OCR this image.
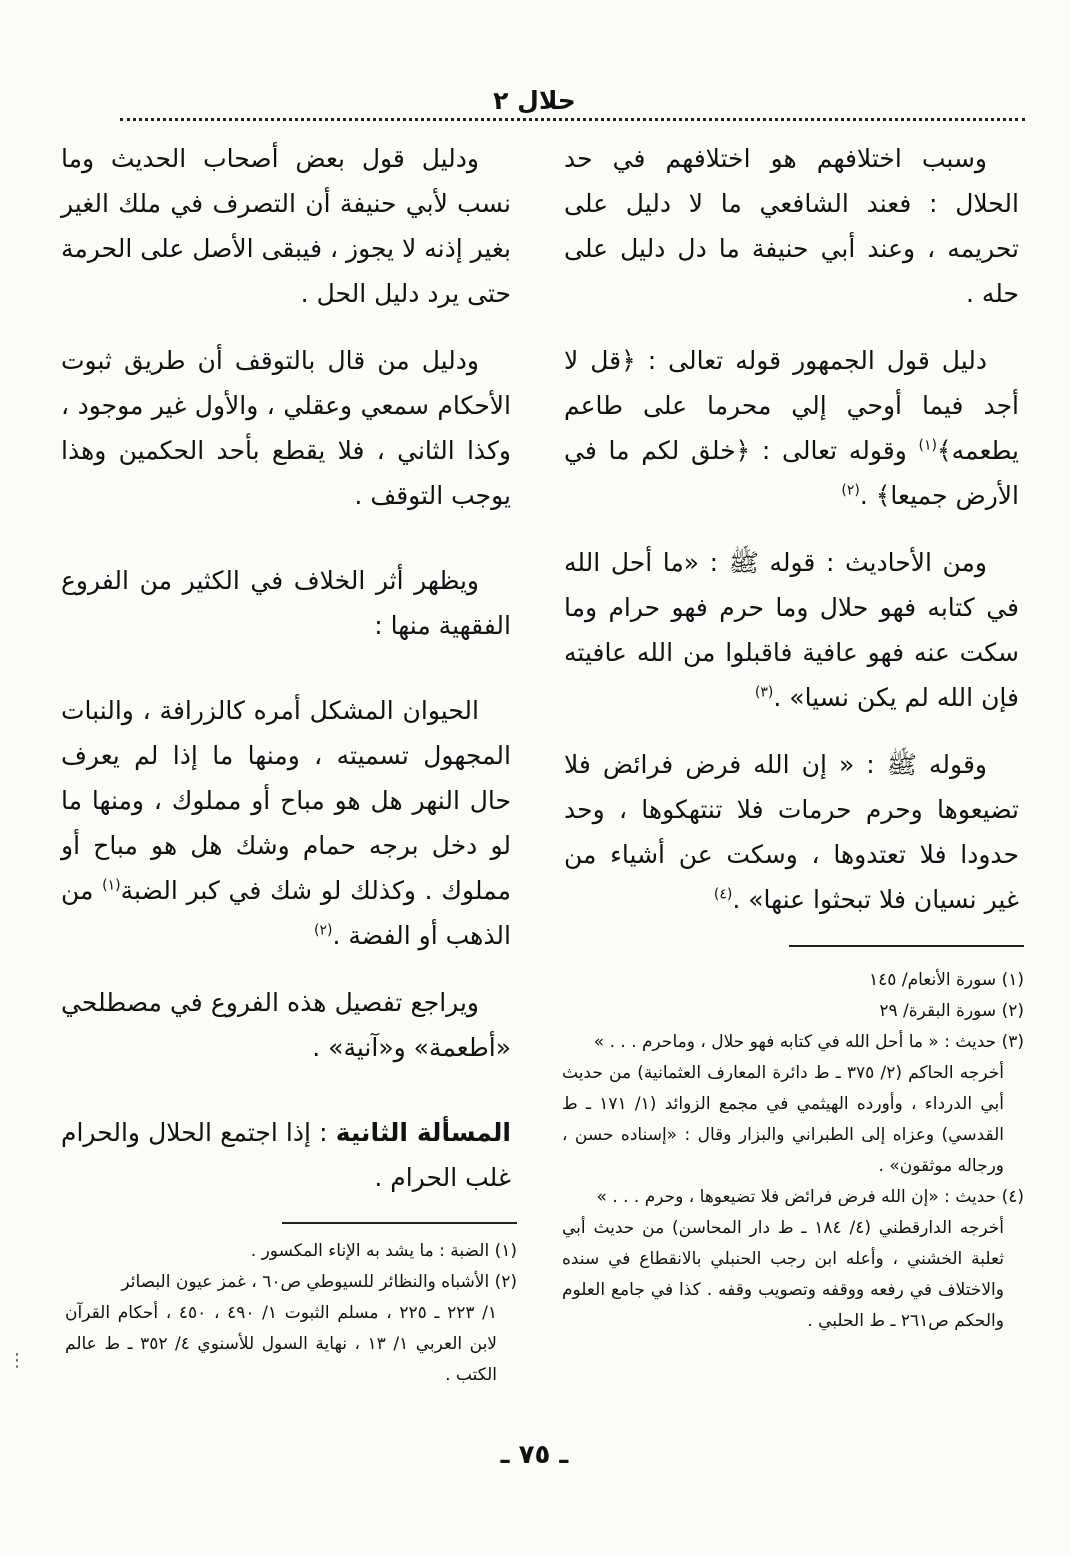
حلال ٢

وسبب اختلافهم هو اختلافهم في حد الحلال : فعند الشافعي ما لا دليل على تحريمه ، وعند أبي حنيفة ما دل دليل على حله .

دليل قول الجمهور قوله تعالى : ﴿قل لا أجد فيما أوحي إلي محرما على طاعم يطعمه﴾$^{(١)}$ وقوله تعالى : ﴿خلق لكم ما في الأرض جميعا﴾ .$^{(٢)}$

ومن الأحاديث : قوله ﷺ : «ما أحل الله في كتابه فهو حلال وما حرم فهو حرام وما سكت عنه فهو عافية فاقبلوا من الله عافيته فإن الله لم يكن نسيا» .$^{(٣)}$

وقوله ﷺ : « إن الله فرض فرائض فلا تضيعوها وحرم حرمات فلا تنتهكوها ، وحد حدودا فلا تعتدوها ، وسكت عن أشياء من غير نسيان فلا تبحثوا عنها» .$^{(٤)}$

(١) سورة الأنعام/ ١٤٥

(٢) سورة البقرة/ ٢٩

(٣) حديث : « ما أحل الله في كتابه فهو حلال ، وماحرم . . . »
أخرجه الحاكم (٢/ ٣٧٥ ـ ط دائرة المعارف العثمانية) من حديث أبي الدرداء ، وأورده الهيثمي في مجمع الزوائد (١/ ١٧١ ـ ط القدسي) وعزاه إلى الطبراني والبزار وقال : «إسناده حسن ، ورجاله موثقون» .

(٤) حديث : «إن الله فرض فرائض فلا تضيعوها ، وحرم . . . »
أخرجه الدارقطني (٤/ ١٨٤ ـ ط دار المحاسن) من حديث أبي ثعلبة الخشني ، وأعله ابن رجب الحنبلي بالانقطاع في سنده والاختلاف في رفعه ووقفه وتصويب وقفه . كذا في جامع العلوم والحكم ص٢٦١ ـ ط الحلبي .

ودليل قول بعض أصحاب الحديث وما نسب لأبي حنيفة أن التصرف في ملك الغير بغير إذنه لا يجوز ، فيبقى الأصل على الحرمة حتى يرد دليل الحل .

ودليل من قال بالتوقف أن طريق ثبوت الأحكام سمعي وعقلي ، والأول غير موجود ، وكذا الثاني ، فلا يقطع بأحد الحكمين وهذا يوجب التوقف .

ويظهر أثر الخلاف في الكثير من الفروع الفقهية منها :

الحيوان المشكل أمره كالزرافة ، والنبات المجهول تسميته ، ومنها ما إذا لم يعرف حال النهر هل هو مباح أو مملوك ، ومنها ما لو دخل برجه حمام وشك هل هو مباح أو مملوك . وكذلك لو شك في كبر الضبة$^{(١)}$ من الذهب أو الفضة .$^{(٢)}$

ويراجع تفصيل هذه الفروع في مصطلحي «أطعمة» و«آنية» .

المسألة الثانية : إذا اجتمع الحلال والحرام غلب الحرام .

(١) الضبة : ما يشد به الإناء المكسور .

(٢) الأشباه والنظائر للسيوطي ص٦٠ ، غمز عيون البصائر
١/ ٢٢٣ ـ ٢٢٥ ، مسلم الثبوت ١/ ٤٩٠ ، ٤٥٠ ، أحكام القرآن لابن العربي ١/ ١٣ ، نهاية السول للأسنوي ٤/ ٣٥٢ ـ ط عالم الكتب .

ـ ٧٥ ـ
⋮
